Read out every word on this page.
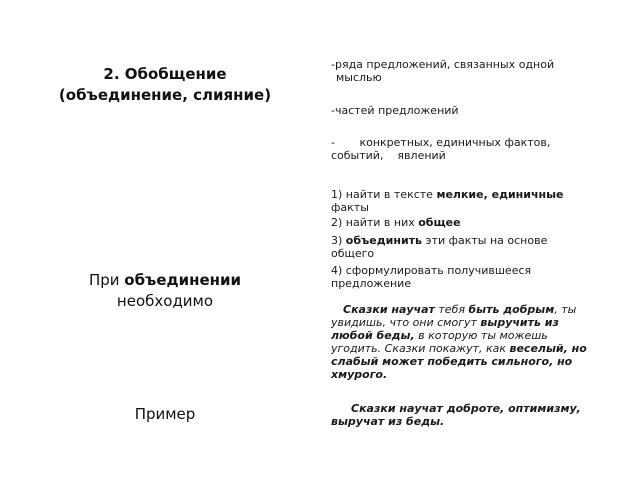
2. Обобщение
(объединение, слияние)
При объединении
необходимо
Пример
-ряда предложений, связанных одной
мыслью
-частей предложений
-       конкретных, единичных фактов,
событий,    явлений
1) найти в тексте мелкие, единичные
факты
2) найти в них общее
3) объединить эти факты на основе
общего
4) сформулировать получившееся
предложение
Сказки научат тебя быть добрым, ты
увидишь, что они смогут выручить из
любой беды, в которую ты можешь
угодить. Сказки покажут, как веселый, но
слабый может победить сильного, но
хмурого.
Сказки научат доброте, оптимизму,
выручат из беды.
